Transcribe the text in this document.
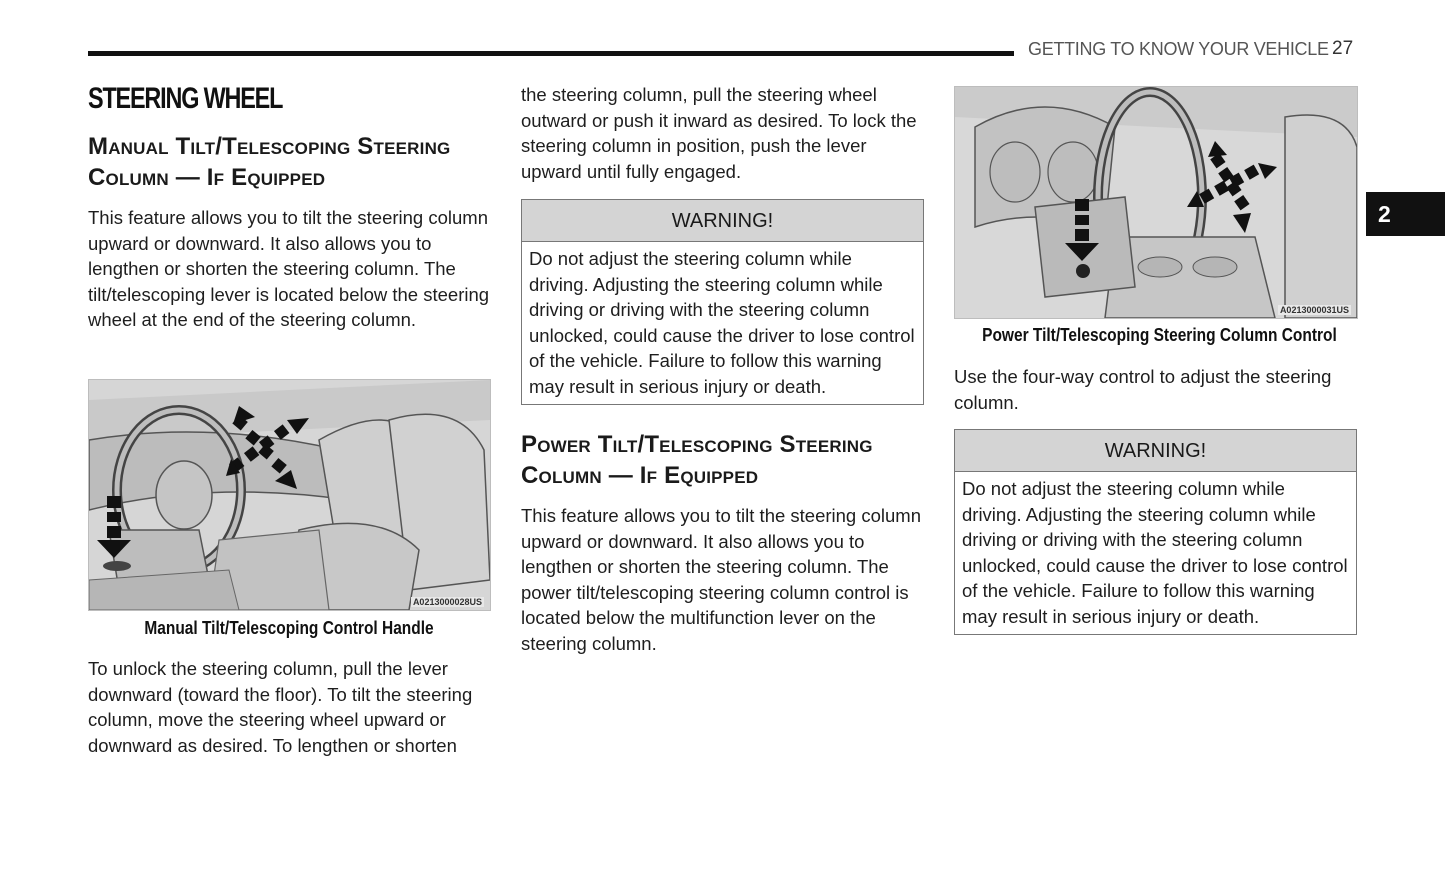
GETTING TO KNOW YOUR VEHICLE 27
2
STEERING WHEEL
Manual Tilt/Telescoping Steering
Column — If Equipped

This feature allows you to tilt the steering column upward or downward. It also allows you to lengthen or shorten the steering column. The tilt/telescoping lever is located below the steering wheel at the end of the steering column.

A0213000028US
Manual Tilt/Telescoping Control Handle

To unlock the steering column, pull the lever downward (toward the floor). To tilt the steering column, move the steering wheel upward or downward as desired. To lengthen or shorten

the steering column, pull the steering wheel outward or push it inward as desired. To lock the steering column in position, push the lever upward until fully engaged.

WARNING!
Do not adjust the steering column while driving. Adjusting the steering column while driving or driving with the steering column unlocked, could cause the driver to lose control of the vehicle. Failure to follow this warning may result in serious injury or death.
Power Tilt/Telescoping Steering
Column — If Equipped

This feature allows you to tilt the steering column upward or downward. It also allows you to lengthen or shorten the steering column. The power tilt/telescoping steering column control is located below the multifunction lever on the steering column.

A0213000031US
Power Tilt/Telescoping Steering Column Control

Use the four-way control to adjust the steering column.

WARNING!
Do not adjust the steering column while driving. Adjusting the steering column while driving or driving with the steering column unlocked, could cause the driver to lose control of the vehicle. Failure to follow this warning may result in serious injury or death.
